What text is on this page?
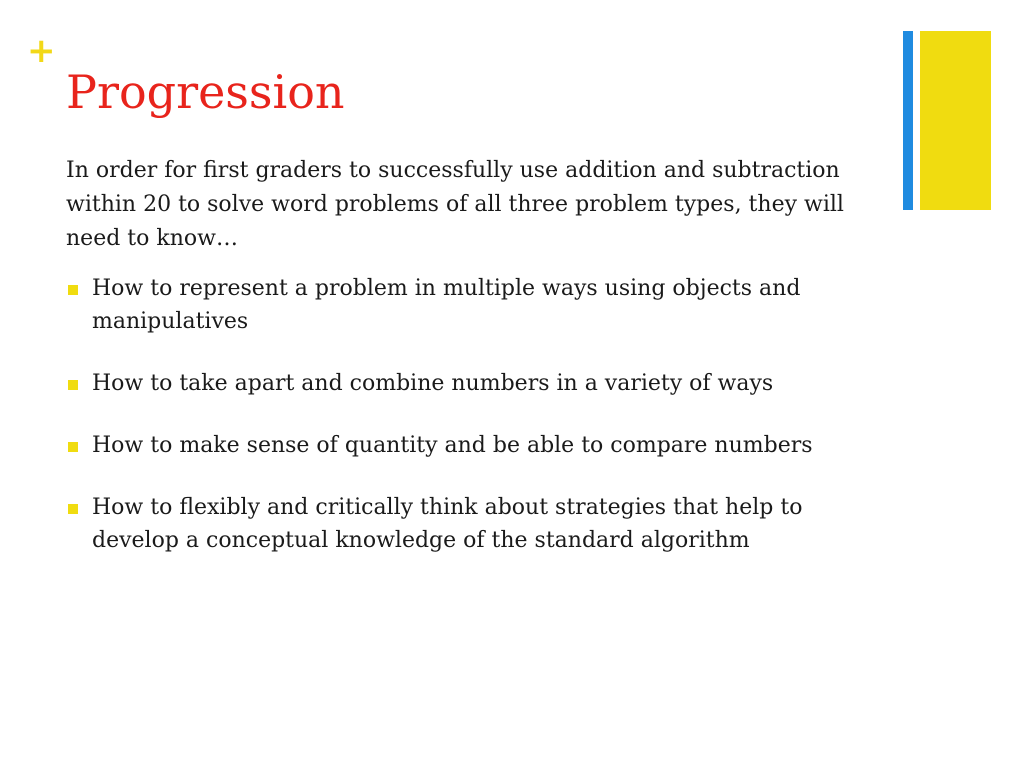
+
Progression

In order for first graders to successfully use addition and subtraction within 20 to solve word problems of all three problem types, they will need to know…

How to represent a problem in multiple ways using objects and manipulatives
How to take apart and combine numbers in a variety of ways
How to make sense of quantity and be able to compare numbers
How to flexibly and critically think about strategies that help to develop a conceptual knowledge of the standard algorithm
